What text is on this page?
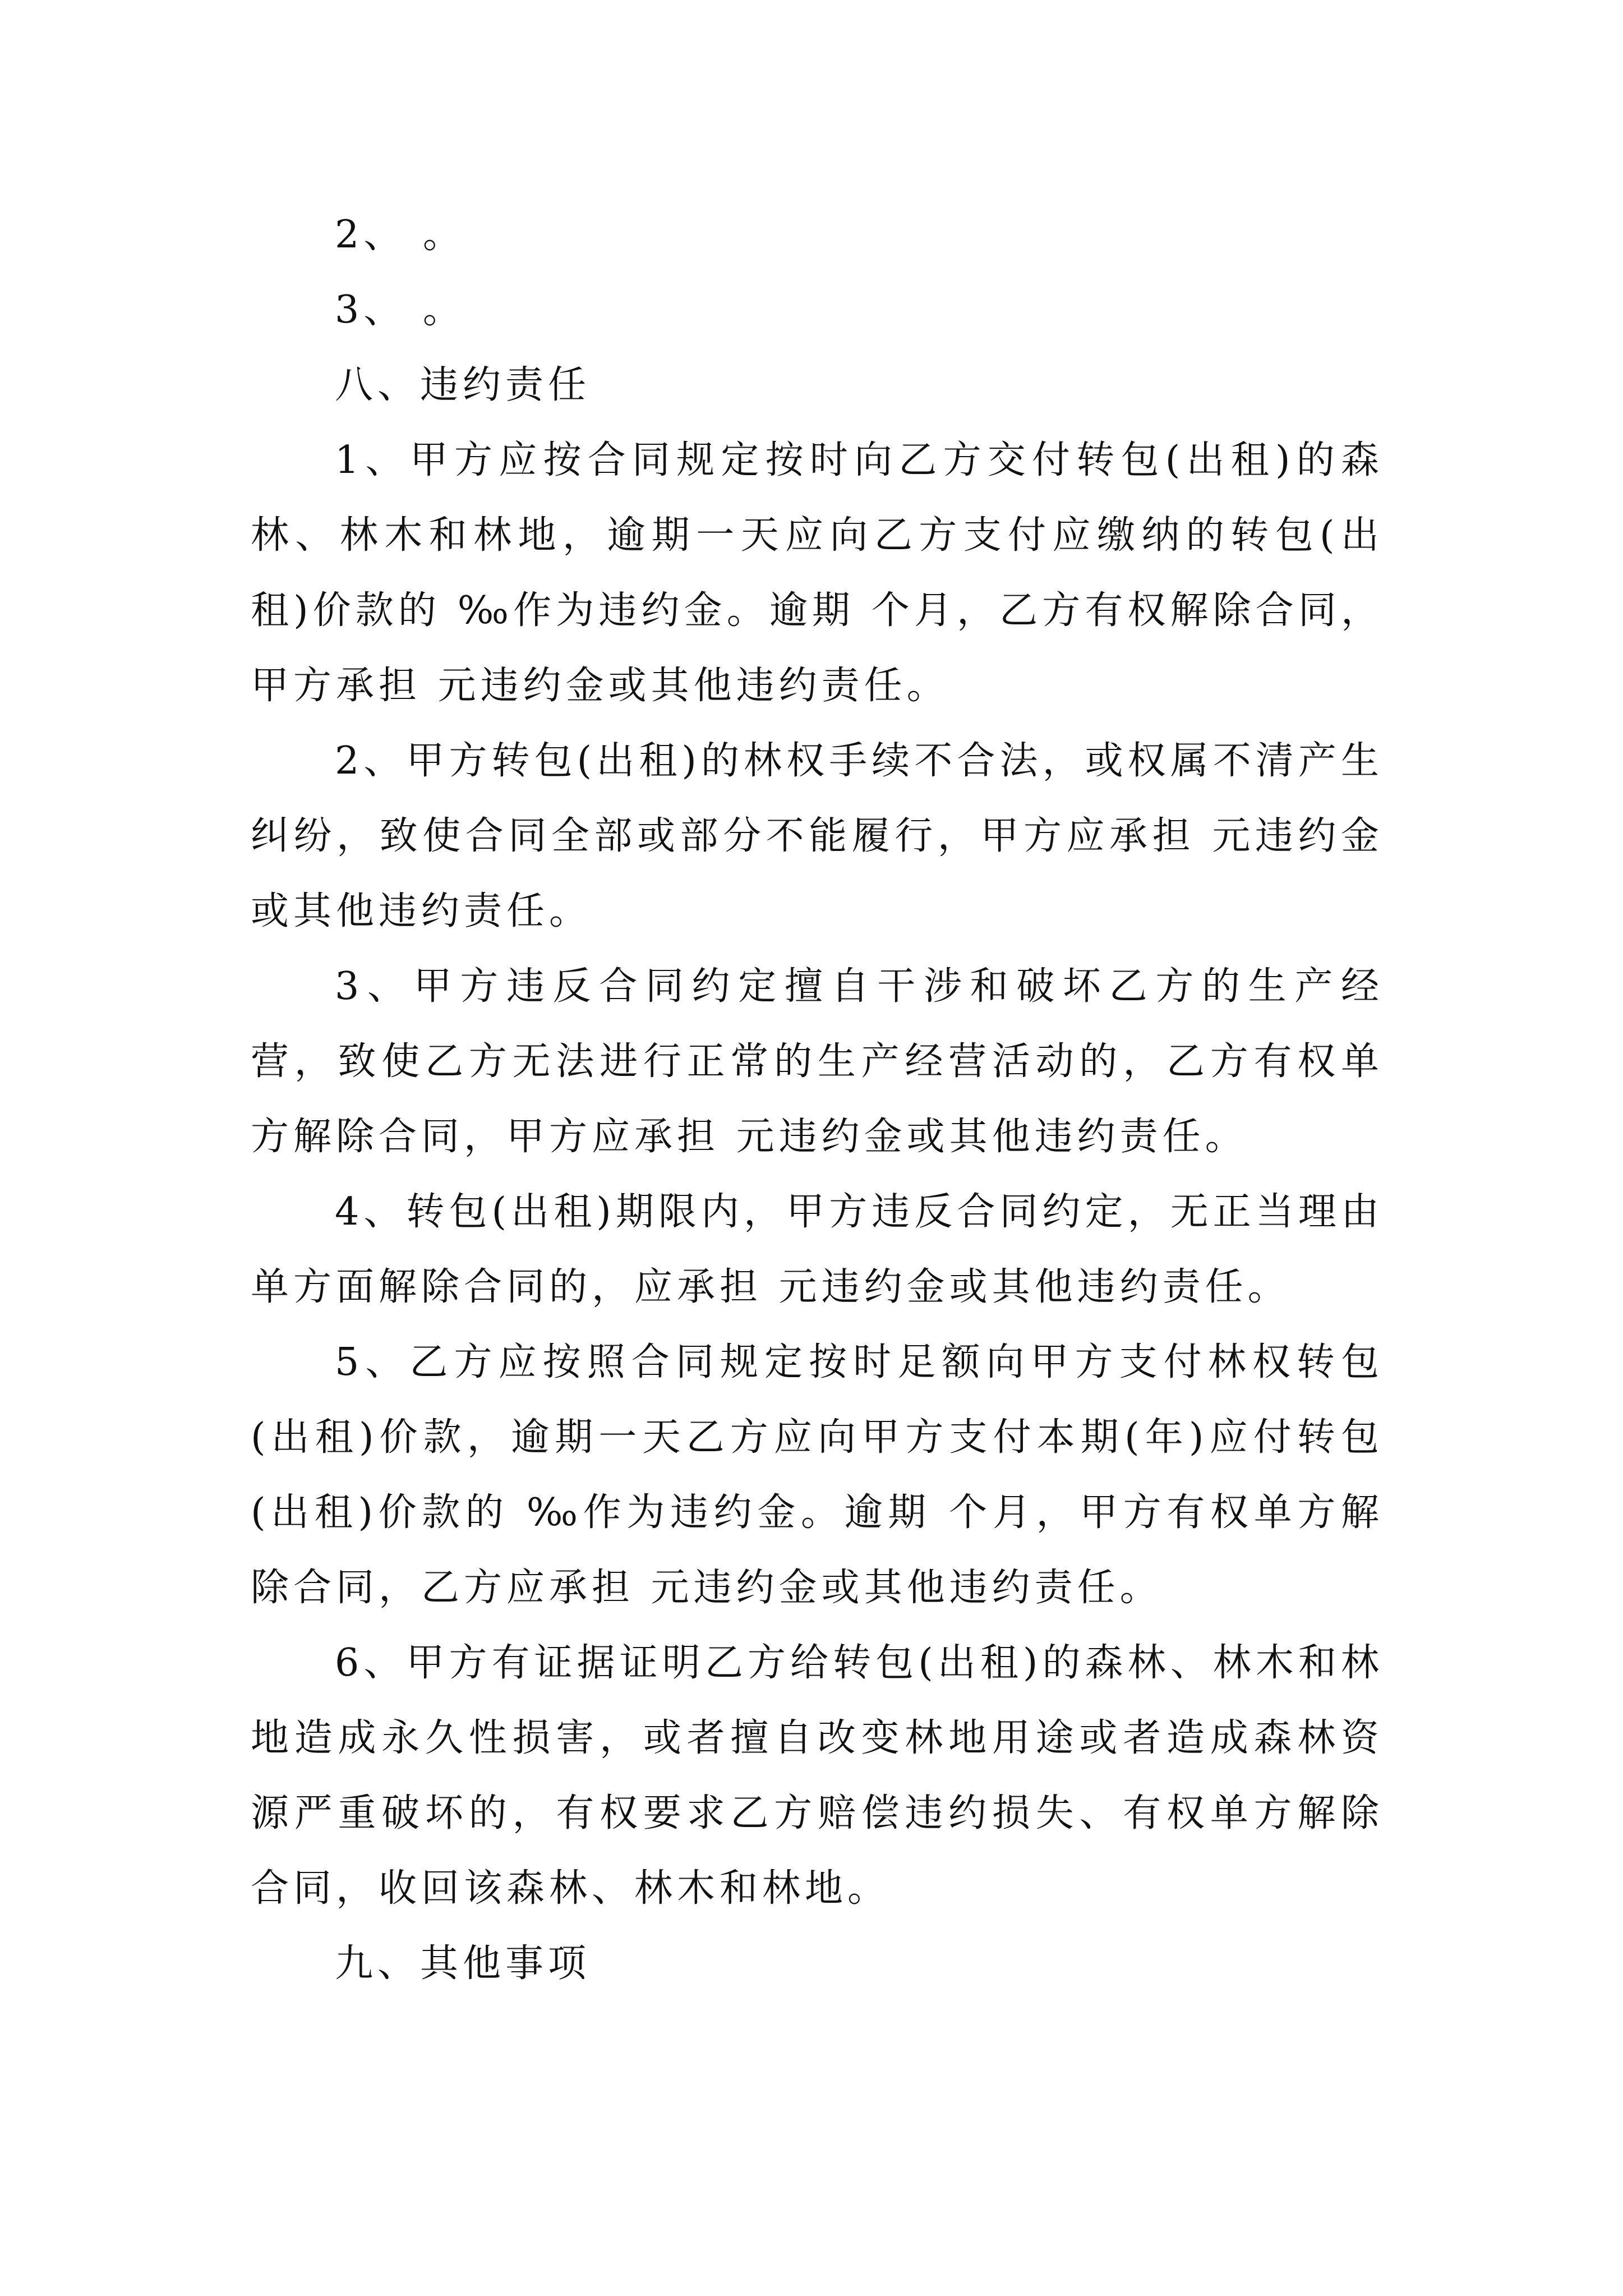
2、 。

3、 。

八、违约责任

1、甲方应按合同规定按时向乙方交付转包(出租)的森林、林木和林地，逾期一天应向乙方支付应缴纳的转包(出租)价款的 ‰作为违约金。逾期 个月，乙方有权解除合同，甲方承担 元违约金或其他违约责任。

2、甲方转包(出租)的林权手续不合法，或权属不清产生纠纷，致使合同全部或部分不能履行，甲方应承担 元违约金或其他违约责任。

3、甲方违反合同约定擅自干涉和破坏乙方的生产经营，致使乙方无法进行正常的生产经营活动的，乙方有权单方解除合同，甲方应承担 元违约金或其他违约责任。

4、转包(出租)期限内，甲方违反合同约定，无正当理由单方面解除合同的，应承担 元违约金或其他违约责任。

5、乙方应按照合同规定按时足额向甲方支付林权转包(出租)价款，逾期一天乙方应向甲方支付本期(年)应付转包(出租)价款的 ‰作为违约金。逾期 个月，甲方有权单方解除合同，乙方应承担 元违约金或其他违约责任。

6、甲方有证据证明乙方给转包(出租)的森林、林木和林地造成永久性损害，或者擅自改变林地用途或者造成森林资源严重破坏的，有权要求乙方赔偿违约损失、有权单方解除合同，收回该森林、林木和林地。

九、其他事项
